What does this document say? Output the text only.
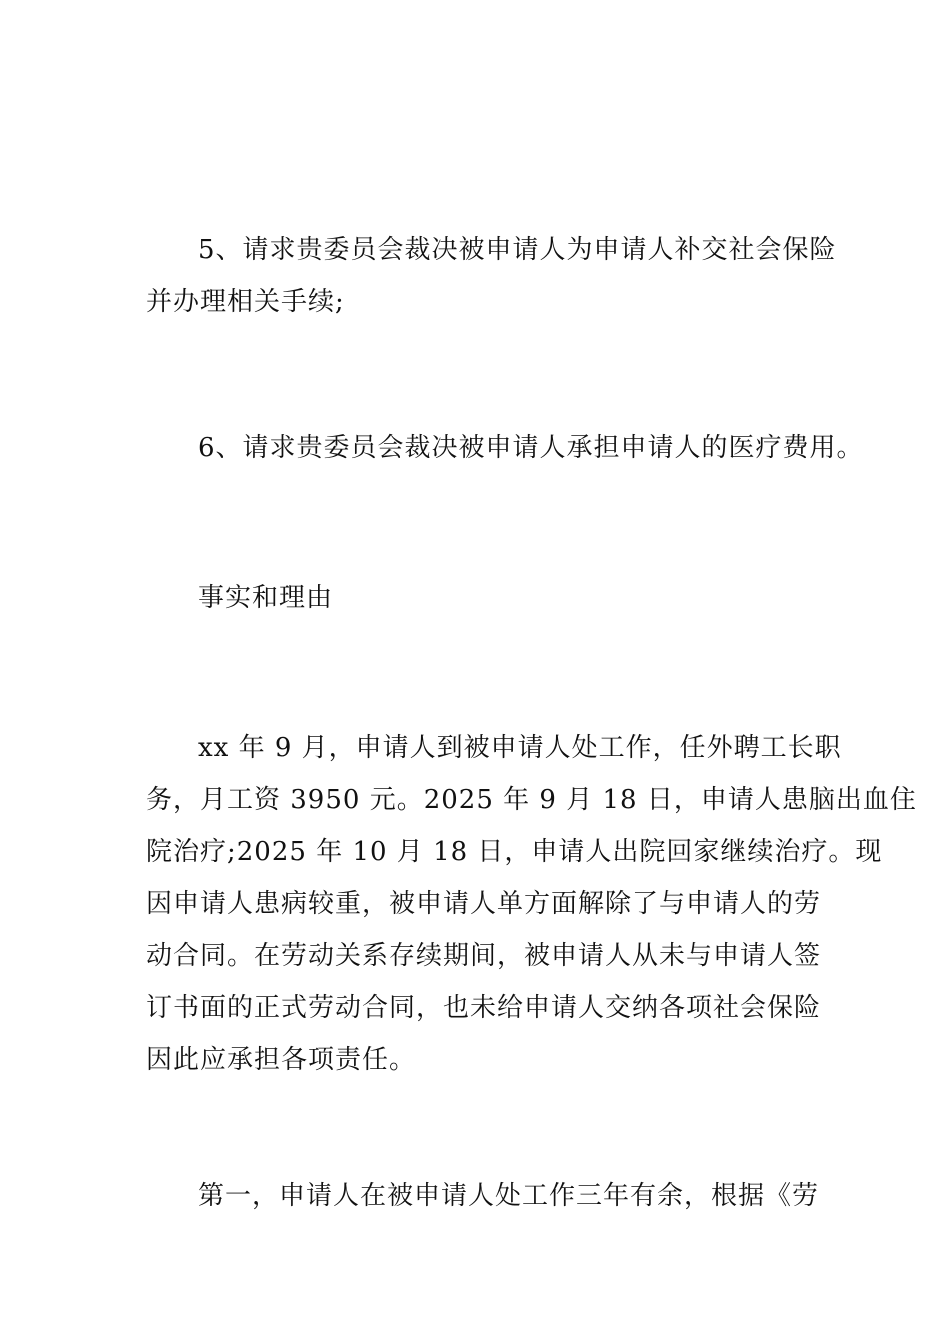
5、请求贵委员会裁决被申请人为申请人补交社会保险
并办理相关手续;
6、请求贵委员会裁决被申请人承担申请人的医疗费用。
事实和理由
xx 年 9 月，申请人到被申请人处工作，任外聘工长职
务，月工资 3950 元。2025 年 9 月 18 日，申请人患脑出血住
院治疗;2025 年 10 月 18 日，申请人出院回家继续治疗。现
因申请人患病较重，被申请人单方面解除了与申请人的劳
动合同。在劳动关系存续期间，被申请人从未与申请人签
订书面的正式劳动合同，也未给申请人交纳各项社会保险
因此应承担各项责任。
第一，申请人在被申请人处工作三年有余，根据《劳
